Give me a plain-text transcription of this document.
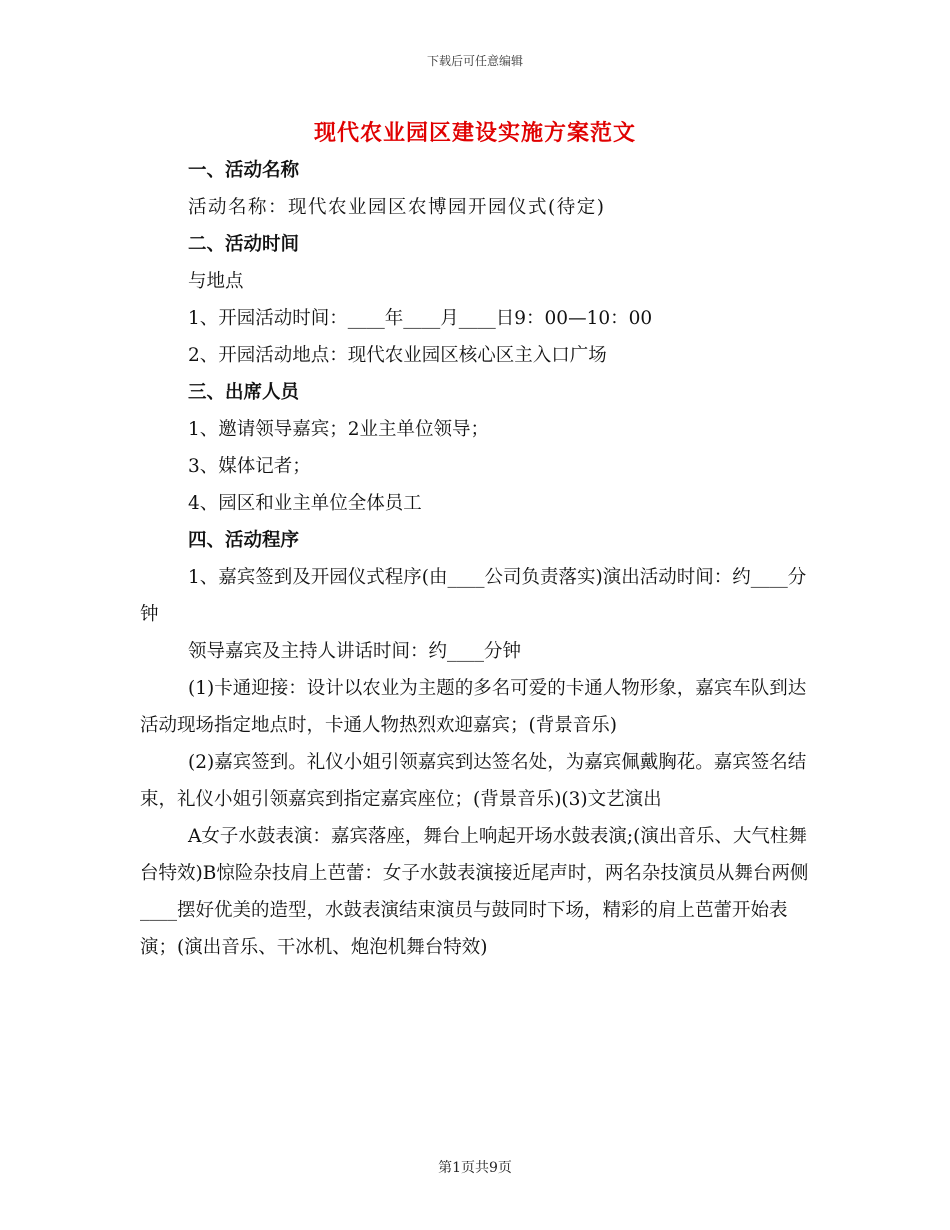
下载后可任意编辑
现代农业园区建设实施方案范文

一、活动名称

活动名称：现代农业园区农博园开园仪式(待定)

二、活动时间

与地点

1、开园活动时间：____年____月____日9：00—10：00

2、开园活动地点：现代农业园区核心区主入口广场

三、出席人员

1、邀请领导嘉宾；2业主单位领导；

3、媒体记者；

4、园区和业主单位全体员工

四、活动程序

1、嘉宾签到及开园仪式程序(由____公司负责落实)演出活动时间：约____分钟

领导嘉宾及主持人讲话时间：约____分钟

(1)卡通迎接：设计以农业为主题的多名可爱的卡通人物形象，嘉宾车队到达活动现场指定地点时，卡通人物热烈欢迎嘉宾；(背景音乐)

(2)嘉宾签到。礼仪小姐引领嘉宾到达签名处，为嘉宾佩戴胸花。嘉宾签名结束，礼仪小姐引领嘉宾到指定嘉宾座位；(背景音乐)(3)文艺演出

A女子水鼓表演：嘉宾落座，舞台上响起开场水鼓表演;(演出音乐、大气柱舞台特效)B惊险杂技肩上芭蕾：女子水鼓表演接近尾声时，两名杂技演员从舞台两侧____摆好优美的造型，水鼓表演结束演员与鼓同时下场，精彩的肩上芭蕾开始表演；(演出音乐、干冰机、炮泡机舞台特效)

第1页共9页
